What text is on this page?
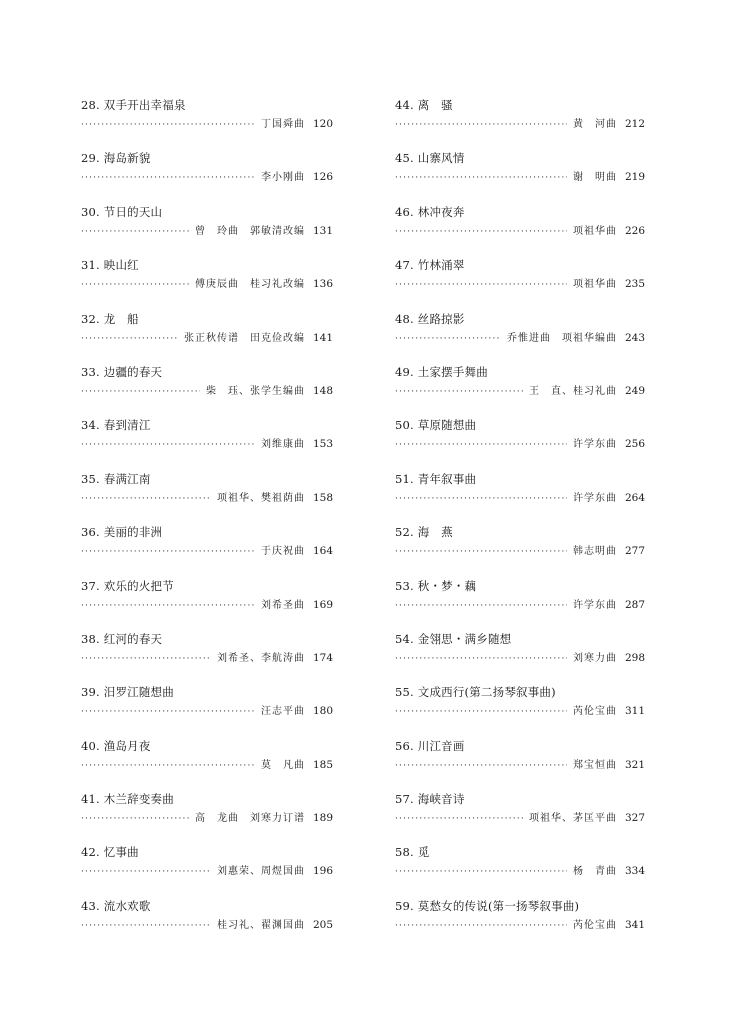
28. 双手开出幸福泉
·····
丁国舜曲 120
29. 海岛新貌
·····
李小刚曲 126
30. 节日的天山
·····
曾　玲曲　郭敏清改编 131
31. 映山红
·····
傅庚辰曲　桂习礼改编 136
32. 龙　船
·····
张正秋传谱　田克俭改编 141
33. 边疆的春天
·····
柴　珏、张学生编曲 148
34. 春到清江
·····
刘维康曲 153
35. 春满江南
·····
项祖华、樊祖荫曲 158
36. 美丽的非洲
·····
于庆祝曲 164
37. 欢乐的火把节
·····
刘希圣曲 169
38. 红河的春天
·····
刘希圣、李航涛曲 174
39. 汨罗江随想曲
·····
汪志平曲 180
40. 渔岛月夜
·····
莫　凡曲 185
41. 木兰辞变奏曲
·····
高　龙曲　刘寒力订谱 189
42. 忆事曲
·····
刘惠荣、周煜国曲 196
43. 流水欢歌
·····
桂习礼、翟渊国曲 205
44. 离　骚
·····
黄　河曲 212
45. 山寨风情
·····
谢　明曲 219
46. 林冲夜奔
·····
项祖华曲 226
47. 竹林涌翠
·····
项祖华曲 235
48. 丝路掠影
·····
乔惟进曲　项祖华编曲 243
49. 土家摆手舞曲
·····
王　直、桂习礼曲 249
50. 草原随想曲
·····
许学东曲 256
51. 青年叙事曲
·····
许学东曲 264
52. 海　燕
·····
韩志明曲 277
53. 秋・梦・藕
·····
许学东曲 287
54. 金翎思・满乡随想
·····
刘寒力曲 298
55. 文成西行(第二扬琴叙事曲)
·····
芮伦宝曲 311
56. 川江音画
·····
郑宝恒曲 321
57. 海峡音诗
·····
项祖华、茅匡平曲 327
58. 觅
·····
杨　青曲 334
59. 莫愁女的传说(第一扬琴叙事曲)
·····
芮伦宝曲 341
